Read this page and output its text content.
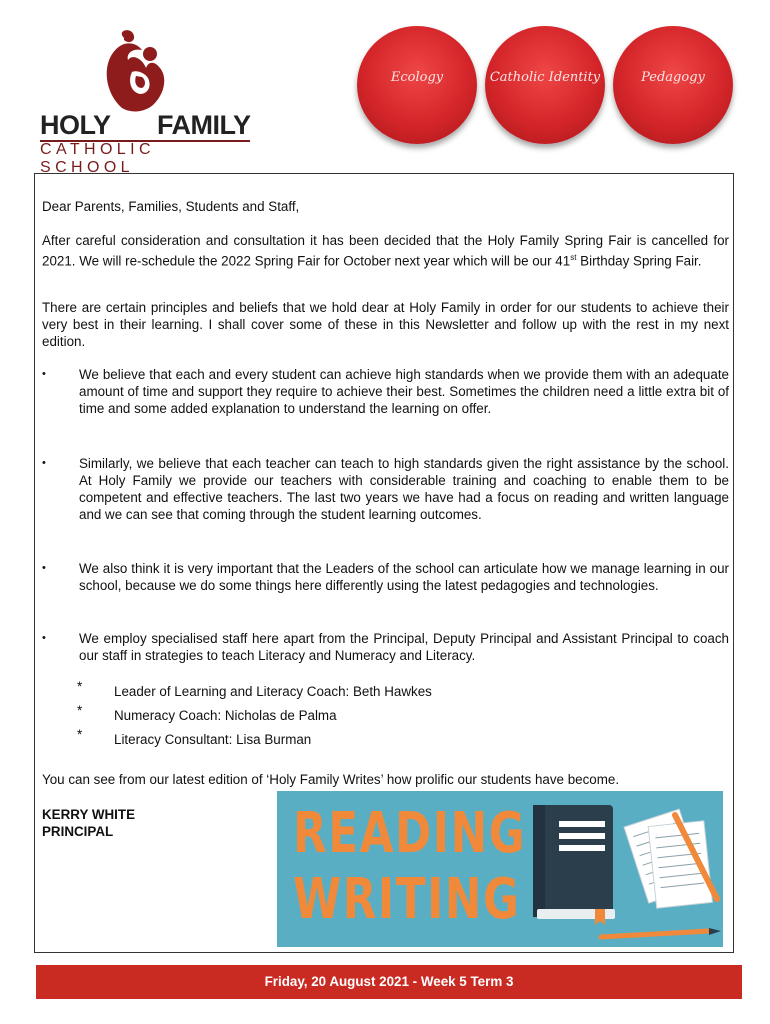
HOLY FAMILY
CATHOLIC SCHOOL
Ecology	Catholic Identity	Pedagogy

Dear Parents, Families, Students and Staff,

After careful consideration and consultation it has been decided that the Holy Family Spring Fair is cancelled for 2021. We will re-schedule the 2022 Spring Fair for October next year which will be our 41st Birthday Spring Fair.

There are certain principles and beliefs that we hold dear at Holy Family in order for our students to achieve their very best in their learning. I shall cover some of these in this Newsletter and follow up with the rest in my next edition.

• We believe that each and every student can achieve high standards when we provide them with an adequate amount of time and support they require to achieve their best. Sometimes the children need a little extra bit of time and some added explanation to understand the learning on offer.
• Similarly, we believe that each teacher can teach to high standards given the right assistance by the school. At Holy Family we provide our teachers with considerable training and coaching to enable them to be competent and effective teachers. The last two years we have had a focus on reading and written language and we can see that coming through the student learning outcomes.
• We also think it is very important that the Leaders of the school can articulate how we manage learning in our school, because we do some things here differently using the latest pedagogies and technologies.
• We employ specialised staff here apart from the Principal, Deputy Principal and Assistant Principal to coach our staff in strategies to teach Literacy and Numeracy and Literacy.
* Leader of Learning and Literacy Coach: Beth Hawkes
* Numeracy Coach: Nicholas de Palma
* Literacy Consultant: Lisa Burman

You can see from our latest edition of ‘Holy Family Writes’ how prolific our students have become.

KERRY WHITE
PRINCIPAL	READING
WRITING
Friday, 20 August 2021 - Week 5 Term 3
